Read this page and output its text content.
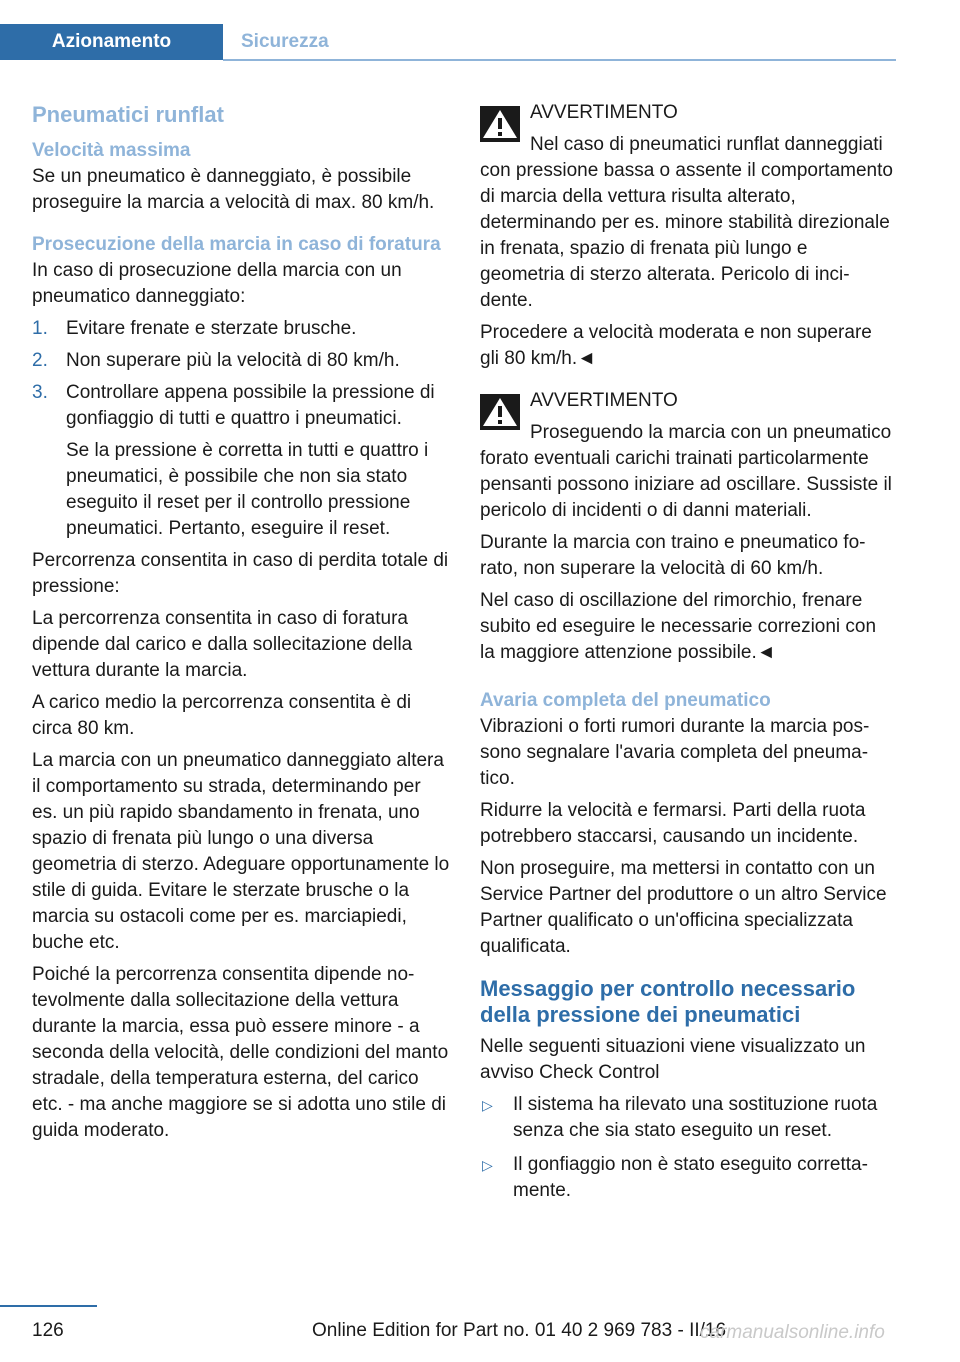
Azionamento	Sicurezza
Pneumatici runflat
Velocità massima

Se un pneumatico è danneggiato, è possibile proseguire la marcia a velocità di max. 80 km/h.

Prosecuzione della marcia in caso di foratura

In caso di prosecuzione della marcia con un pneumatico danneggiato:

1. Evitare frenate e sterzate brusche.
2. Non superare più la velocità di 80 km/h.
3. Controllare appena possibile la pressione di gonfiaggio di tutti e quattro i pneumatici.
Se la pressione è corretta in tutti e quattro i pneumatici, è possibile che non sia stato eseguito il reset per il controllo pressione pneumatici. Pertanto, eseguire il reset.

Percorrenza consentita in caso di perdita totale di pressione:

La percorrenza consentita in caso di foratura dipende dal carico e dalla sollecitazione della vettura durante la marcia.

A carico medio la percorrenza consentita è di circa 80 km.

La marcia con un pneumatico danneggiato altera il comportamento su strada, determinando per es. un più rapido sbandamento in frenata, uno spazio di frenata più lungo o una diversa geometria di sterzo. Adeguare opportunamente lo stile di guida. Evitare le sterzate brusche o la marcia su ostacoli come per es. marciapiedi, buche etc.

Poiché la percorrenza consentita dipende notevolmente dalla sollecitazione della vettura durante la marcia, essa può essere minore - a seconda della velocità, delle condizioni del manto stradale, della temperatura esterna, del carico etc. - ma anche maggiore se si adotta uno stile di guida moderato.

AVVERTIMENTO

Nel caso di pneumatici runflat danneggiati con pressione bassa o assente il comportamento di marcia della vettura risulta alterato, determinando per es. minore stabilità direzionale in frenata, spazio di frenata più lungo e geometria di sterzo alterata. Pericolo di incidente.

Procedere a velocità moderata e non superare gli 80 km/h.◄

AVVERTIMENTO

Proseguendo la marcia con un pneumatico forato eventuali carichi trainati particolarmente pensanti possono iniziare ad oscillare. Sussiste il pericolo di incidenti o di danni materiali.

Durante la marcia con traino e pneumatico forato, non superare la velocità di 60 km/h.

Nel caso di oscillazione del rimorchio, frenare subito ed eseguire le necessarie correzioni con la maggiore attenzione possibile.◄

Avaria completa del pneumatico

Vibrazioni o forti rumori durante la marcia possono segnalare l'avaria completa del pneumatico.

Ridurre la velocità e fermarsi. Parti della ruota potrebbero staccarsi, causando un incidente.

Non proseguire, ma mettersi in contatto con un Service Partner del produttore o un altro Service Partner qualificato o un'officina specializzata qualificata.

Messaggio per controllo necessario della pressione dei pneumatici

Nelle seguenti situazioni viene visualizzato un avviso Check Control

▷ Il sistema ha rilevato una sostituzione ruota senza che sia stato eseguito un reset.
▷ Il gonfiaggio non è stato eseguito correttamente.
126	Online Edition for Part no. 01 40 2 969 783 - II/16
carmanualsonline.info
